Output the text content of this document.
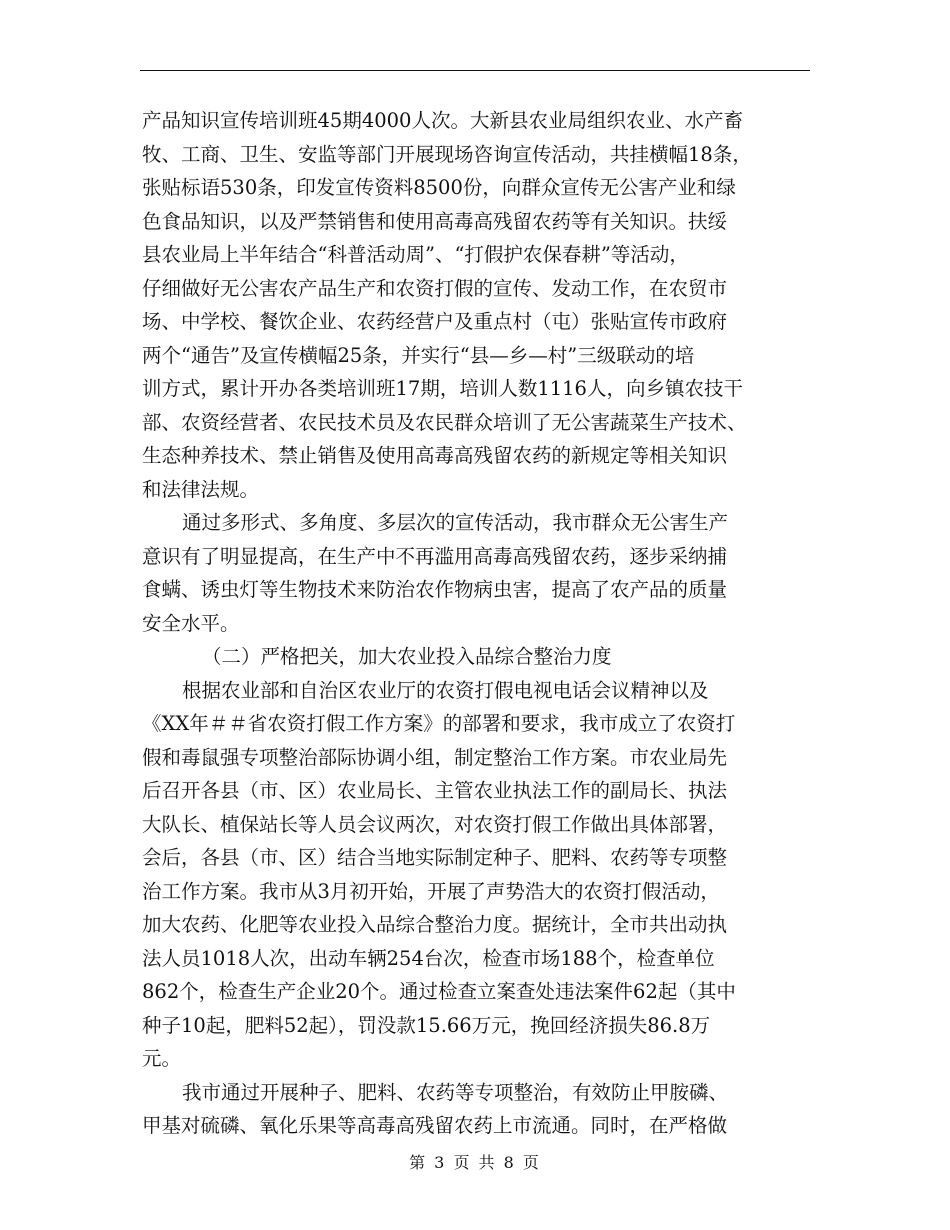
产品知识宣传培训班45期4000人次。大新县农业局组织农业、水产畜
牧、工商、卫生、安监等部门开展现场咨询宣传活动，共挂横幅18条，
张贴标语530条，印发宣传资料8500份，向群众宣传无公害产业和绿
色食品知识，以及严禁销售和使用高毒高残留农药等有关知识。扶绥
县农业局上半年结合“科普活动周”、“打假护农保春耕”等活动，
仔细做好无公害农产品生产和农资打假的宣传、发动工作，在农贸市
场、中学校、餐饮企业、农药经营户及重点村（屯）张贴宣传市政府
两个“通告”及宣传横幅25条，并实行“县—乡—村”三级联动的培
训方式，累计开办各类培训班17期，培训人数1116人，向乡镇农技干
部、农资经营者、农民技术员及农民群众培训了无公害蔬菜生产技术、
生态种养技术、禁止销售及使用高毒高残留农药的新规定等相关知识
和法律法规。
通过多形式、多角度、多层次的宣传活动，我市群众无公害生产
意识有了明显提高，在生产中不再滥用高毒高残留农药，逐步采纳捕
食螨、诱虫灯等生物技术来防治农作物病虫害，提高了农产品的质量
安全水平。
（二）严格把关，加大农业投入品综合整治力度
根据农业部和自治区农业厅的农资打假电视电话会议精神以及
《XX年＃＃省农资打假工作方案》的部署和要求，我市成立了农资打
假和毒鼠强专项整治部际协调小组，制定整治工作方案。市农业局先
后召开各县（市、区）农业局长、主管农业执法工作的副局长、执法
大队长、植保站长等人员会议两次，对农资打假工作做出具体部署，
会后，各县（市、区）结合当地实际制定种子、肥料、农药等专项整
治工作方案。我市从3月初开始，开展了声势浩大的农资打假活动，
加大农药、化肥等农业投入品综合整治力度。据统计，全市共出动执
法人员1018人次，出动车辆254台次，检查市场188个，检查单位
862个，检查生产企业20个。通过检查立案查处违法案件62起（其中
种子10起，肥料52起），罚没款15.66万元，挽回经济损失86.8万
元。
我市通过开展种子、肥料、农药等专项整治，有效防止甲胺磷、
甲基对硫磷、氧化乐果等高毒高残留农药上市流通。同时，在严格做
第 3 页 共 8 页
